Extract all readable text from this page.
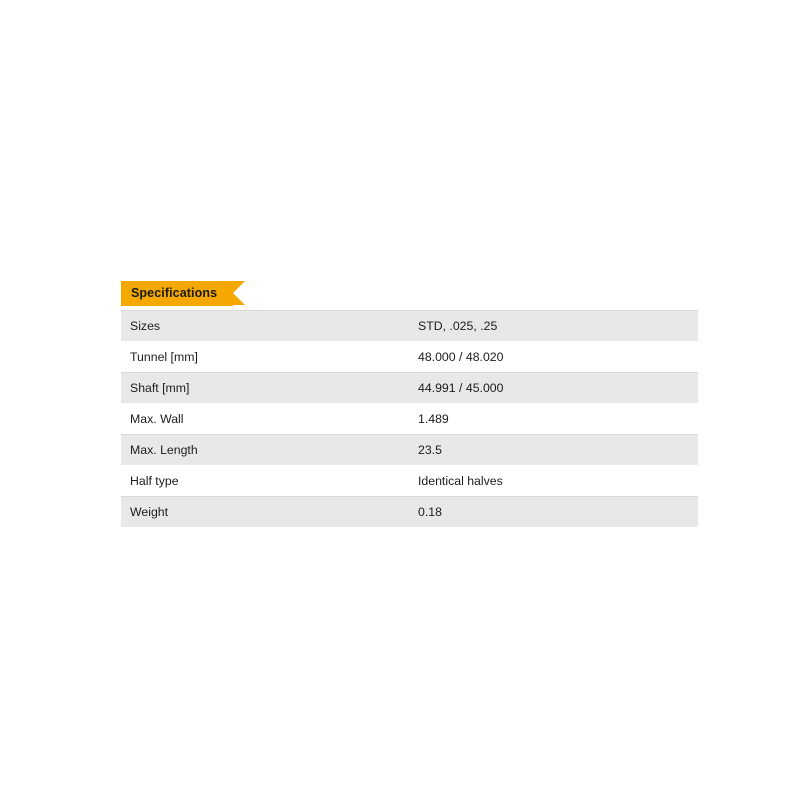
Specifications
Sizes	STD, .025, .25
Tunnel [mm]	48.000 / 48.020
Shaft [mm]	44.991 / 45.000
Max. Wall	1.489
Max. Length	23.5
Half type	Identical halves
Weight	0.18
